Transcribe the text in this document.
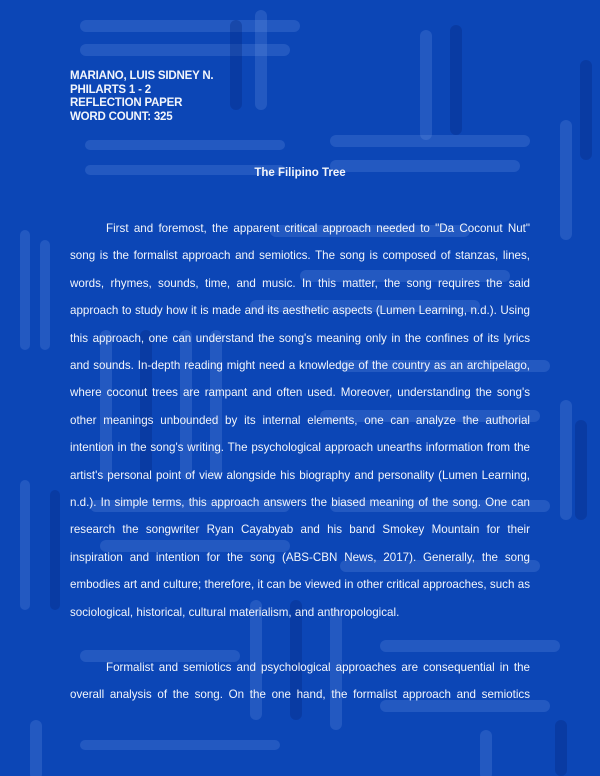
MARIANO, LUIS SIDNEY N.
PHILARTS 1 - 2
REFLECTION PAPER
WORD COUNT: 325
The Filipino Tree
First and foremost, the apparent critical approach needed to "Da Coconut Nut"
song is the formalist approach and semiotics. The song is composed of stanzas, lines,
words, rhymes, sounds, time, and music. In this matter, the song requires the said
approach to study how it is made and its aesthetic aspects (Lumen Learning, n.d.). Using
this approach, one can understand the song's meaning only in the confines of its lyrics
and sounds. In-depth reading might need a knowledge of the country as an archipelago,
where coconut trees are rampant and often used. Moreover, understanding the song's
other meanings unbounded by its internal elements, one can analyze the authorial
intention in the song's writing. The psychological approach unearths information from the
artist's personal point of view alongside his biography and personality (Lumen Learning,
n.d.). In simple terms, this approach answers the biased meaning of the song. One can
research the songwriter Ryan Cayabyab and his band Smokey Mountain for their
inspiration and intention for the song (ABS-CBN News, 2017). Generally, the song
embodies art and culture; therefore, it can be viewed in other critical approaches, such as
sociological, historical, cultural materialism, and anthropological.
Formalist and semiotics and psychological approaches are consequential in the
overall analysis of the song. On the one hand, the formalist approach and semiotics
